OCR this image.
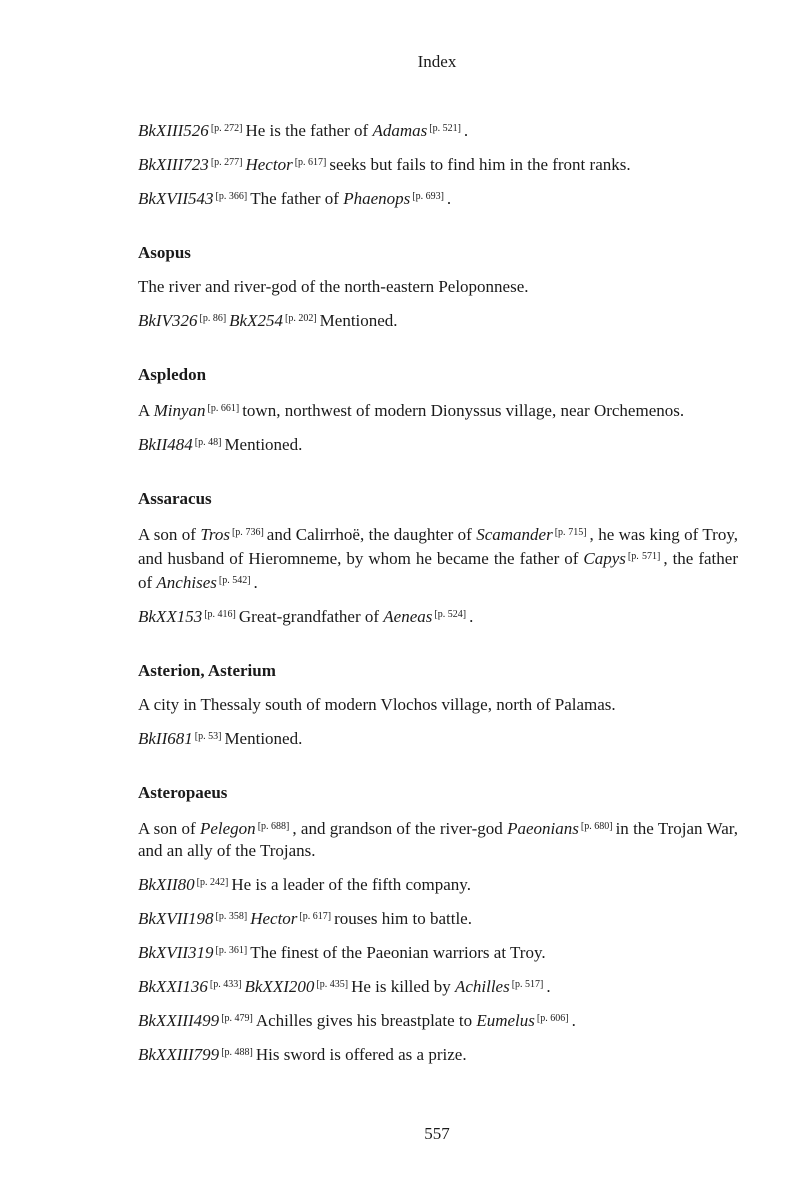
Index
BkXIII526 [p. 272] He is the father of Adamas [p. 521] .
BkXIII723 [p. 277] Hector [p. 617] seeks but fails to find him in the front ranks.
BkXVII543 [p. 366] The father of Phaenops [p. 693] .
Asopus
The river and river-god of the north-eastern Peloponnese.
BkIV326 [p. 86] BkX254 [p. 202] Mentioned.
Aspledon
A Minyan [p. 661] town, northwest of modern Dionyssus village, near Orchemenos.
BkII484 [p. 48] Mentioned.
Assaracus
A son of Tros [p. 736] and Calirrhoë, the daughter of Scamander [p. 715] , he was king of Troy, and husband of Hieromneme, by whom he became the father of Capys [p. 571] , the father of Anchises [p. 542] .
BkXX153 [p. 416] Great-grandfather of Aeneas [p. 524] .
Asterion, Asterium
A city in Thessaly south of modern Vlochos village, north of Palamas.
BkII681 [p. 53] Mentioned.
Asteropaeus
A son of Pelegon [p. 688] , and grandson of the river-god Paeonians [p. 680] in the Trojan War, and an ally of the Trojans.
BkXII80 [p. 242] He is a leader of the fifth company.
BkXVII198 [p. 358] Hector [p. 617] rouses him to battle.
BkXVII319 [p. 361] The finest of the Paeonian warriors at Troy.
BkXXI136 [p. 433] BkXXI200 [p. 435] He is killed by Achilles [p. 517] .
BkXXIII499 [p. 479] Achilles gives his breastplate to Eumelus [p. 606] .
BkXXIII799 [p. 488] His sword is offered as a prize.
557
